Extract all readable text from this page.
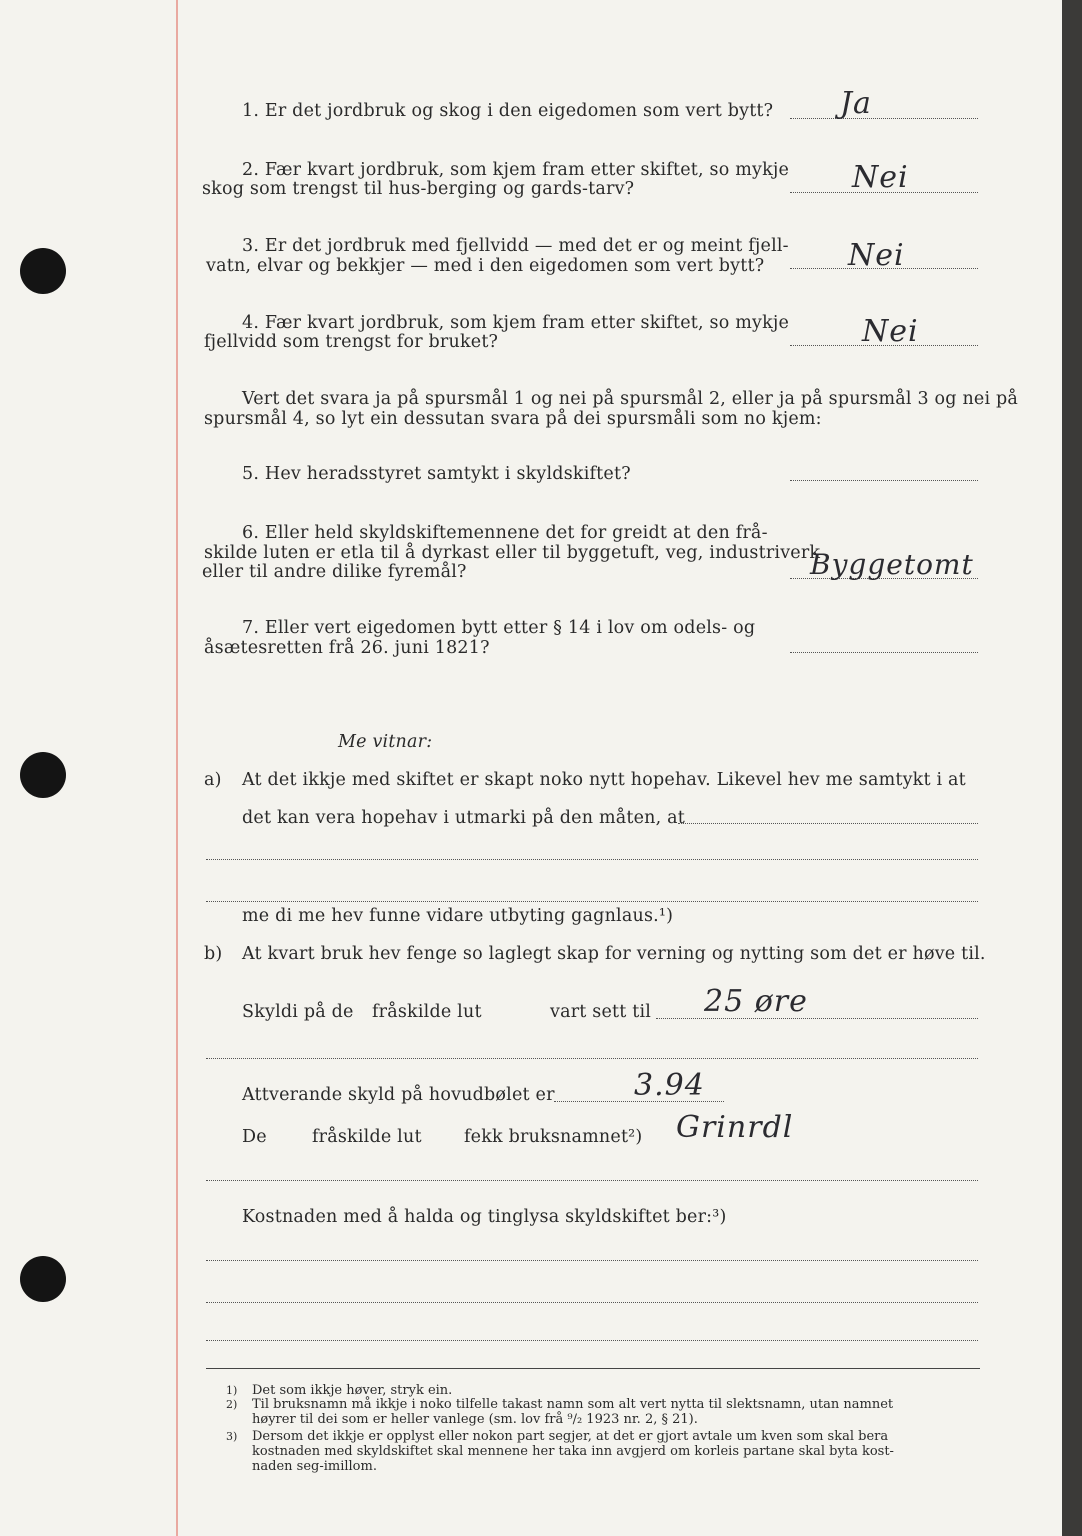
1. Er det jordbruk og skog i den eigedomen som vert bytt? Ja
2. Fær kvart jordbruk, som kjem fram etter skiftet, so mykje
skog som trengst til hus-berging og gards-tarv?	Nei
3. Er det jordbruk med fjellvidd — med det er og meint fjell-
vatn, elvar og bekkjer — med i den eigedomen som vert bytt?	Nei
4. Fær kvart jordbruk, som kjem fram etter skiftet, so mykje
fjellvidd som trengst for bruket?	Nei
Vert det svara ja på spursmål 1 og nei på spursmål 2, eller ja på spursmål 3 og nei på
spursmål 4, so lyt ein dessutan svara på dei spursmåli som no kjem:
5. Hev heradsstyret samtykt i skyldskiftet?
6. Eller held skyldskiftemennene det for greidt at den frå-
skilde luten er etla til å dyrkast eller til byggetuft, veg, industriverk
eller til andre dilike fyremål?	Byggetomt
7. Eller vert eigedomen bytt etter § 14 i lov om odels- og
åsætesretten frå 26. juni 1821?
Me vitnar:
a) At det ikkje med skiftet er skapt noko nytt hopehav. Likevel hev me samtykt i at
det kan vera hopehav i utmarki på den måten, at
me di me hev funne vidare utbyting gagnlaus.¹)
b) At kvart bruk hev fenge so laglegt skap for verning og nytting som det er høve til.
Skyldi på de fråskilde lut	vart sett til 25 øre
Attverande skyld på hovudbølet er	3.94
De	fråskilde lut fekk bruksnamnet²) Grinrdl
Kostnaden med å halda og tinglysa skyldskiftet ber:³)
1) Det som ikkje høver, stryk ein.
2) Til bruksnamn må ikkje i noko tilfelle takast namn som alt vert nytta til slektsnamn, utan namnet
høyrer til dei som er heller vanlege (sm. lov frå ⁹/₂ 1923 nr. 2, § 21).
3) Dersom det ikkje er opplyst eller nokon part segjer, at det er gjort avtale um kven som skal bera
kostnaden med skyldskiftet skal mennene her taka inn avgjerd om korleis partane skal byta kost-
naden seg-imillom.
